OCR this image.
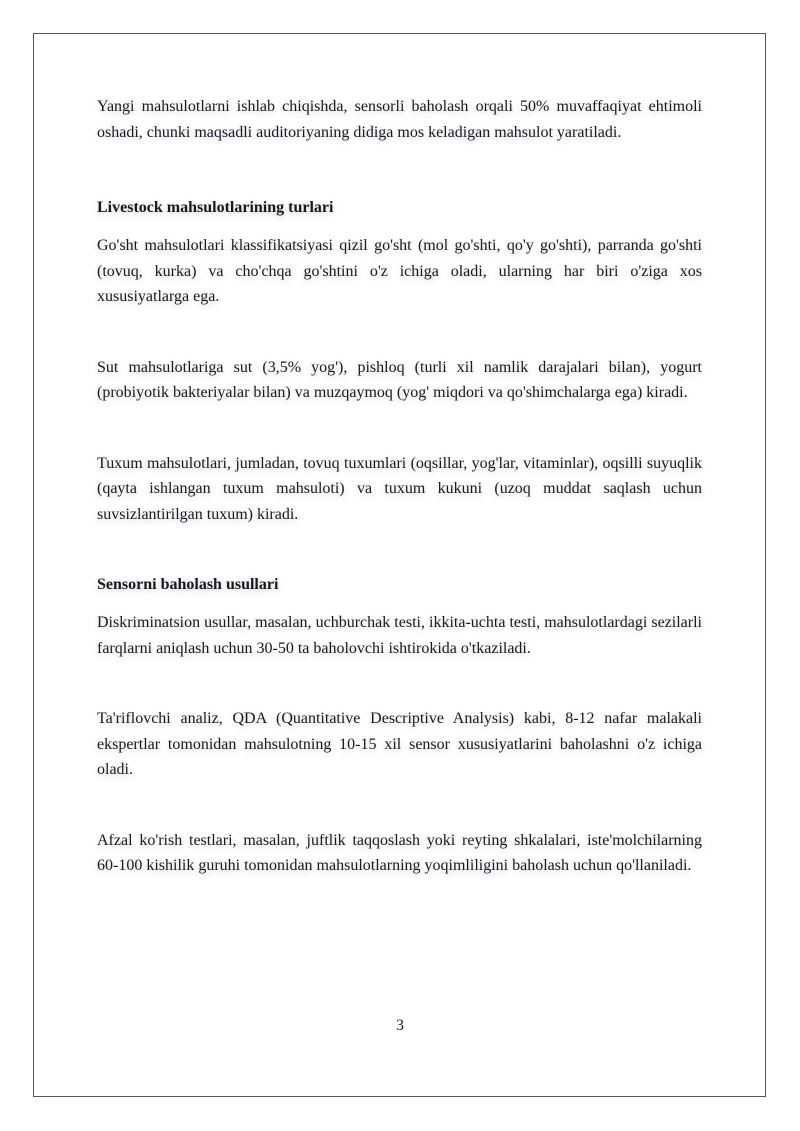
Yangi mahsulotlarni ishlab chiqishda, sensorli baholash orqali 50% muvaffaqiyat ehtimoli oshadi, chunki maqsadli auditoriyaning didiga mos keladigan mahsulot yaratiladi.

Livestock mahsulotlarining turlari

Go'sht mahsulotlari klassifikatsiyasi qizil go'sht (mol go'shti, qo'y go'shti), parranda go'shti (tovuq, kurka) va cho'chqa go'shtini o'z ichiga oladi, ularning har biri o'ziga xos xususiyatlarga ega.

Sut mahsulotlariga sut (3,5% yog'), pishloq (turli xil namlik darajalari bilan), yogurt (probiyotik bakteriyalar bilan) va muzqaymoq (yog' miqdori va qo'shimchalarga ega) kiradi.

Tuxum mahsulotlari, jumladan, tovuq tuxumlari (oqsillar, yog'lar, vitaminlar), oqsilli suyuqlik (qayta ishlangan tuxum mahsuloti) va tuxum kukuni (uzoq muddat saqlash uchun suvsizlantirilgan tuxum) kiradi.

Sensorni baholash usullari

Diskriminatsion usullar, masalan, uchburchak testi, ikkita-uchta testi, mahsulotlardagi sezilarli farqlarni aniqlash uchun 30-50 ta baholovchi ishtirokida o'tkaziladi.

Ta'riflovchi analiz, QDA (Quantitative Descriptive Analysis) kabi, 8-12 nafar malakali ekspertlar tomonidan mahsulotning 10-15 xil sensor xususiyatlarini baholashni o'z ichiga oladi.

Afzal ko'rish testlari, masalan, juftlik taqqoslash yoki reyting shkalalari, iste'molchilarning 60-100 kishilik guruhi tomonidan mahsulotlarning yoqimliligini baholash uchun qo'llaniladi.

3
